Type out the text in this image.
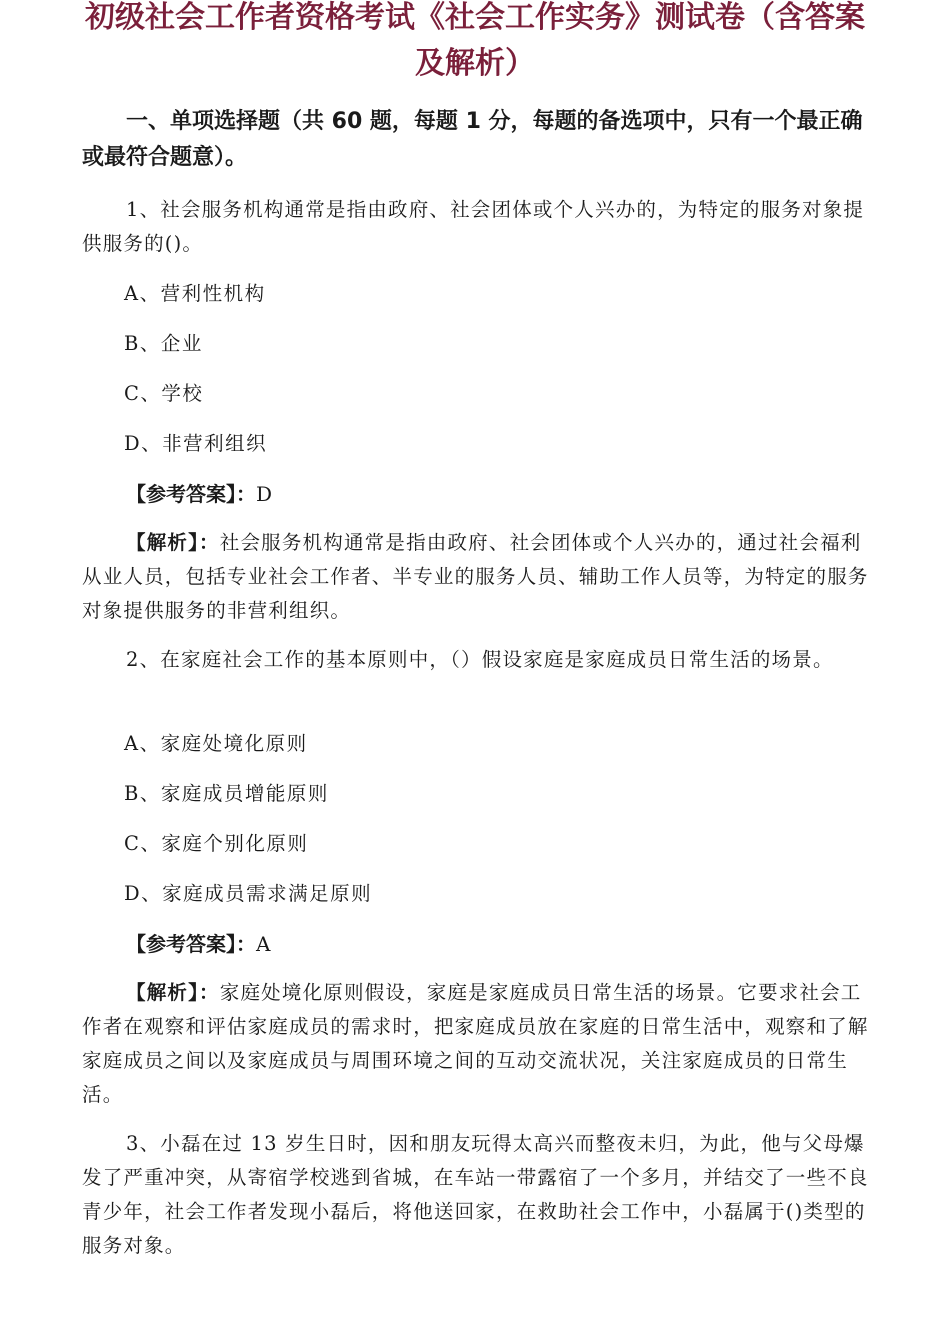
初级社会工作者资格考试《社会工作实务》测试卷（含答案
及解析）
一、单项选择题（共 60 题，每题 1 分，每题的备选项中，只有一个最正确或最符合题意）。
1、社会服务机构通常是指由政府、社会团体或个人兴办的，为特定的服务对象提供服务的()。
A、营利性机构
B、企业
C、学校
D、非营利组织
【参考答案】：D
【解析】：社会服务机构通常是指由政府、社会团体或个人兴办的，通过社会福利从业人员，包括专业社会工作者、半专业的服务人员、辅助工作人员等，为特定的服务对象提供服务的非营利组织。
2、在家庭社会工作的基本原则中，（）假设家庭是家庭成员日常生活的场景。
A、家庭处境化原则
B、家庭成员增能原则
C、家庭个别化原则
D、家庭成员需求满足原则
【参考答案】：A
【解析】：家庭处境化原则假设，家庭是家庭成员日常生活的场景。它要求社会工作者在观察和评估家庭成员的需求时，把家庭成员放在家庭的日常生活中，观察和了解家庭成员之间以及家庭成员与周围环境之间的互动交流状况，关注家庭成员的日常生活。
3、小磊在过 13 岁生日时，因和朋友玩得太高兴而整夜未归，为此，他与父母爆发了严重冲突，从寄宿学校逃到省城，在车站一带露宿了一个多月，并结交了一些不良青少年，社会工作者发现小磊后，将他送回家，在救助社会工作中，小磊属于()类型的服务对象。
